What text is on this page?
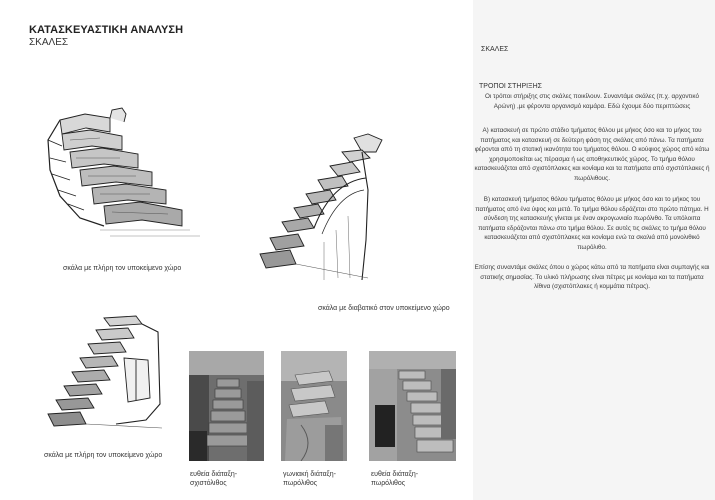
ΚΑΤΑΣΚΕΥΑΣΤΙΚΗ ΑΝΑΛΥΣΗ
ΣΚΑΛΕΣ
σκάλα με πλήρη τον υποκείμενο χώρο
σκάλα με διαβατικό στον υποκείμενο χώρο
σκάλα με πλήρη τον υποκείμενο χώρο
ευθεία διάταξη-
σχιστόλιθος
γωνιακή διάταξη-
πωρόλιθος
ευθεία διάταξη-
πωρόλιθος
ΣΚΑΛΕΣ
ΤΡΟΠΟΙ ΣΤΗΡΙΞΗΣ
Οι τρόποι στήριξης στις σκάλες ποικίλουν. Συναντάμε σκάλες (π.χ. αρχοντικό Αρώνη) ,με φέροντα οργανισμό καμάρα. Εδώ έχουμε δύο περιπτώσεις
Α) κατασκευή σε πρώτο στάδιο τμήματος θόλου με μήκος όσο και το μήκος του πατήματος και κατασκευή σε δεύτερη φάση της σκάλας από πάνω. Τα πατήματα φέρονται από τη στατική ικανότητα του τμήματος θόλου. Ο κούφιος χώρος από κάτω χρησιμοποιείται ως πέρασμα ή ως αποθηκευτικός χώρος. Το τμήμα θόλου κατασκευάζεται από σχιστόπλακες και κονίαμα και τα πατήματα από σχιστόπλακες ή πωρόλιθους.
Β) κατασκευή τμήματος θόλου τμήματος θόλου με μήκος όσο και το μήκος του πατήματος από ένα ύψος και μετά. Το τμήμα θόλου εδράζεται στο πρώτο πάτημα. Η σύνδεση της κατασκευής γίνεται με έναν ακρογωνιαίο πωρόλιθο. Τα υπόλοιπα πατήματα εδράζονται πάνω στο τμήμα θόλου. Σε αυτές τις σκάλες το τμήμα θόλου κατασκευάζεται από σχιστόπλακες και κονίαμα ενώ τα σκαλιά από μονολιθικό πωρόλιθο.
Επίσης συναντάμε σκάλες όπου ο χώρος κάτω από τα πατήματα είναι συμπαγής και στατικής σημασίας. Το υλικό πλήρωσης είναι πέτρες με κονίαμα και τα πατήματα λίθινα (σχιστόπλακες ή κομμάτια πέτρας).
